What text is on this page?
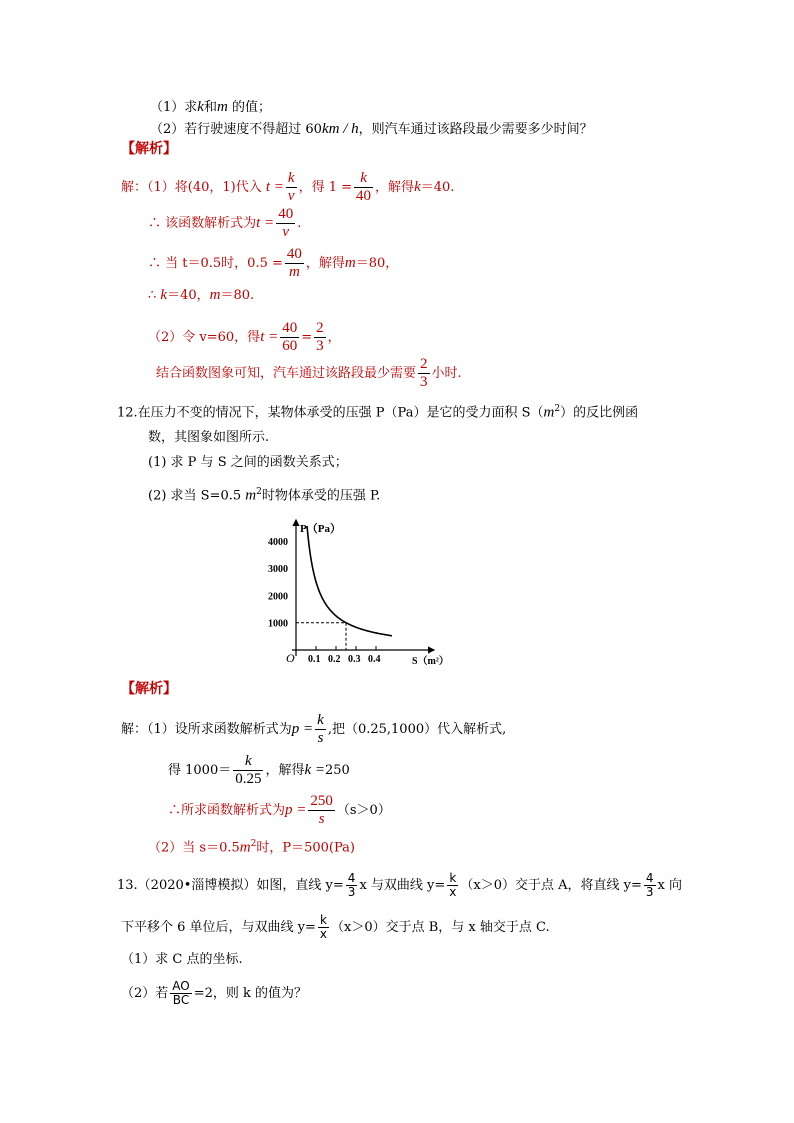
（1）求k和m 的值；
（2）若行驶速度不得超过 60km / h，则汽车通过该路段最少需要多少时间？
【解析】
解：（1）将(40，1)代入 $t = \frac{k}{v}$ ，得 $1 = \frac{k}{40}$ ，解得k＝40.
∴ 该函数解析式为$t = \frac{40}{v}$ .
∴ 当 t＝0.5时，$0.5 = \frac{40}{m}$ ，解得m＝80，
∴ k＝40，m＝80.
（2）令 v=60，得$t = \frac{40}{60} = \frac{2}{3}$ ，
结合函数图象可知，汽车通过该路段最少需要 $\frac{2}{3}$ 小时.
12.在压力不变的情况下，某物体承受的压强 P（Pa）是它的受力面积 $S(m^2)$的反比例函
数，其图象如图所示.
(1) 求 P 与 S 之间的函数关系式；
(2) 求当 S=0.5 $m^2$时物体承受的压强 P.
O
P（Pa）
S（m²）
0.1 0.2 0.3 0.4
1000
2000
3000
4000
【解析】
解：（1）设所求函数解析式为$p = \frac{k}{s}$ ,把（0.25,1000）代入解析式,
得 $1000= \frac{k}{0.25}$ ，解得k =250
∴所求函数解析式为$p = \frac{250}{s} (s>0)$
（2）当 $s=0.5m^2$时，P＝500(Pa)
13.（2020•淄博模拟）如图，直线 $y= \frac{4}{3}$ x 与双曲线 $y= \frac{k}{x} (x>0)$交于点 A，将直线 $y= \frac{4}{3}$ x 向
下平移个 6 单位后，与双曲线 $y= \frac{k}{x} (x>0)$交于点 B，与 x 轴交于点 C.
（1）求 C 点的坐标.
（2）若 $\frac{AO}{BC} =2$，则 k 的值为？
